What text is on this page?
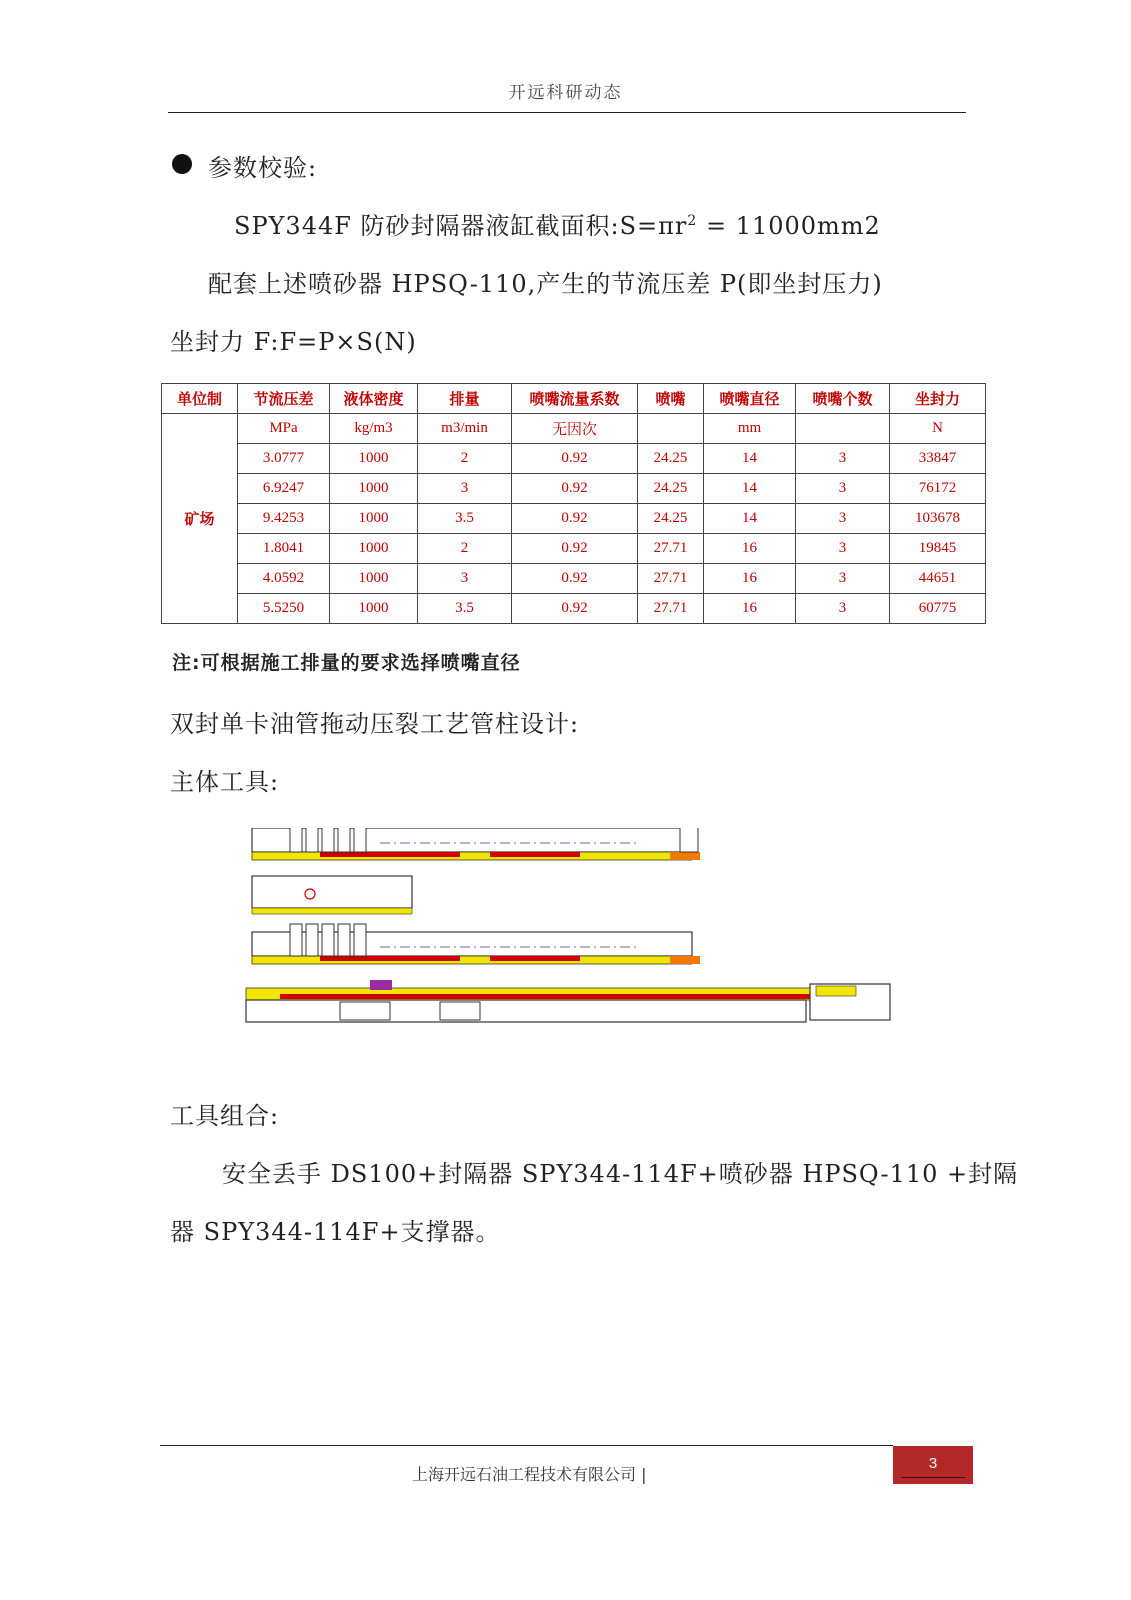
开远科研动态
参数校验:
SPY344F 防砂封隔器液缸截面积$:S=\pi r^2 = 11000mm2$
配套上述喷砂器 HPSQ-110,产生的节流压差 P(即坐封压力)
坐封力 F:F=P×S(N)
单位制	节流压差	液体密度	排量	喷嘴流量系数	喷嘴	喷嘴直径	喷嘴个数	坐封力
矿场	MPa	kg/m3	m3/min	无因次		mm		N
	3.0777	1000	2	0.92	24.25	14	3	33847
	6.9247	1000	3	0.92	24.25	14	3	76172
	9.4253	1000	3.5	0.92	24.25	14	3	103678
	1.8041	1000	2	0.92	27.71	16	3	19845
	4.0592	1000	3	0.92	27.71	16	3	44651
	5.5250	1000	3.5	0.92	27.71	16	3	60775
注:可根据施工排量的要求选择喷嘴直径
双封单卡油管拖动压裂工艺管柱设计:
主体工具:
工具组合:
安全丢手 DS100+封隔器 SPY344-114F+喷砂器 HPSQ-110 +封隔
器 SPY344-114F+支撑器。
上海开远石油工程技术有限公司 |
3
